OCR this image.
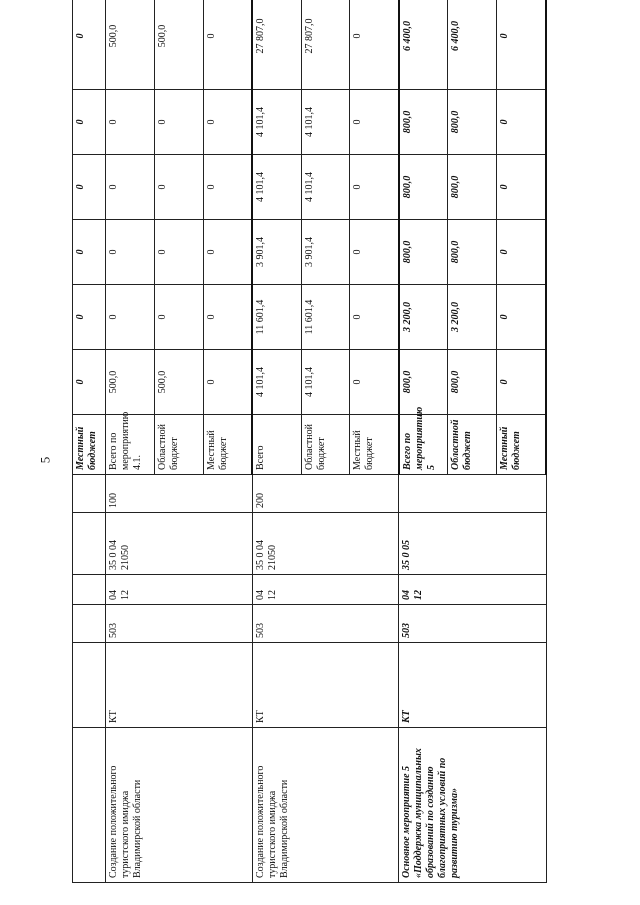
5
						Местный бюджет	0	0	0	0	0	0
Создание положительного туристского имиджа Владимирской области	КТ	503	04 12	35 0 04 21050	100	Всего по мероприятию 4.1.	500,0	0	0	0	0	500,0
						Областной бюджет	500,0	0	0	0	0	500,0
						Местный бюджет	0	0	0	0	0	0
Создание положительного туристского имиджа Владимирской области	КТ	503	04 12	35 0 04 21050	200	Всего	4 101,4	11 601,4	3 901,4	4 101,4	4 101,4	27 807,0
						Областной бюджет	4 101,4	11 601,4	3 901,4	4 101,4	4 101,4	27 807,0
						Местный бюджет	0	0	0	0	0	0
Основное мероприятие 5 «Поддержка муниципальных образований по созданию благоприятных условий по развитию туризма»	КТ	503	04 12	35 0 05		Всего по мероприятию 5	800,0	3 200,0	800,0	800,0	800,0	6 400,0
						Областной бюджет	800,0	3 200,0	800,0	800,0	800,0	6 400,0
						Местный бюджет	0	0	0	0	0	0
